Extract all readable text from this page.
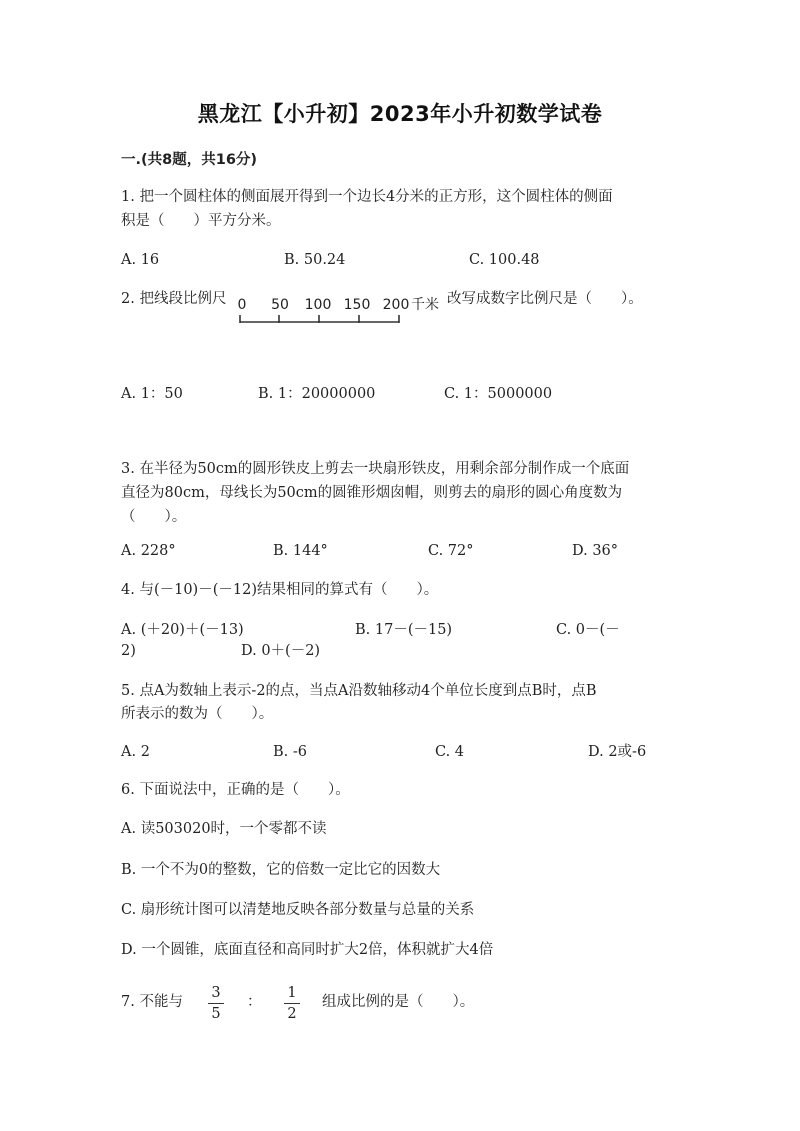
黑龙江【小升初】2023年小升初数学试卷
一.(共8题，共16分)
1. 把一个圆柱体的侧面展开得到一个边长4分米的正方形，这个圆柱体的侧面
积是（　　）平方分米。
A. 16	B. 50.24	C. 100.48
2. 把线段比例尺 0 50 100 150 200 千米 改写成数字比例尺是（　　）。
A. 1：50	B. 1：20000000	C. 1：5000000
3. 在半径为50cm的圆形铁皮上剪去一块扇形铁皮，用剩余部分制作成一个底面
直径为80cm，母线长为50cm的圆锥形烟囱帽，则剪去的扇形的圆心角度数为
（　　）。
A. 228°	B. 144°	C. 72°	D. 36°
4. 与(－10)－(－12)结果相同的算式有（　　）。
A. (＋20)＋(－13)	B. 17－(－15)	C. 0－(－
2)	D. 0＋(－2)
5. 点A为数轴上表示-2的点，当点A沿数轴移动4个单位长度到点B时，点B
所表示的数为（　　）。
A. 2	B. -6	C. 4	D. 2或-6
6. 下面说法中，正确的是（　　）。
A. 读503020时，一个零都不读
B. 一个不为0的整数，它的倍数一定比它的因数大
C. 扇形统计图可以清楚地反映各部分数量与总量的关系
D. 一个圆锥，底面直径和高同时扩大2倍，体积就扩大4倍
7. 不能与
3
5
：
1
2
组成比例的是（　　）。
